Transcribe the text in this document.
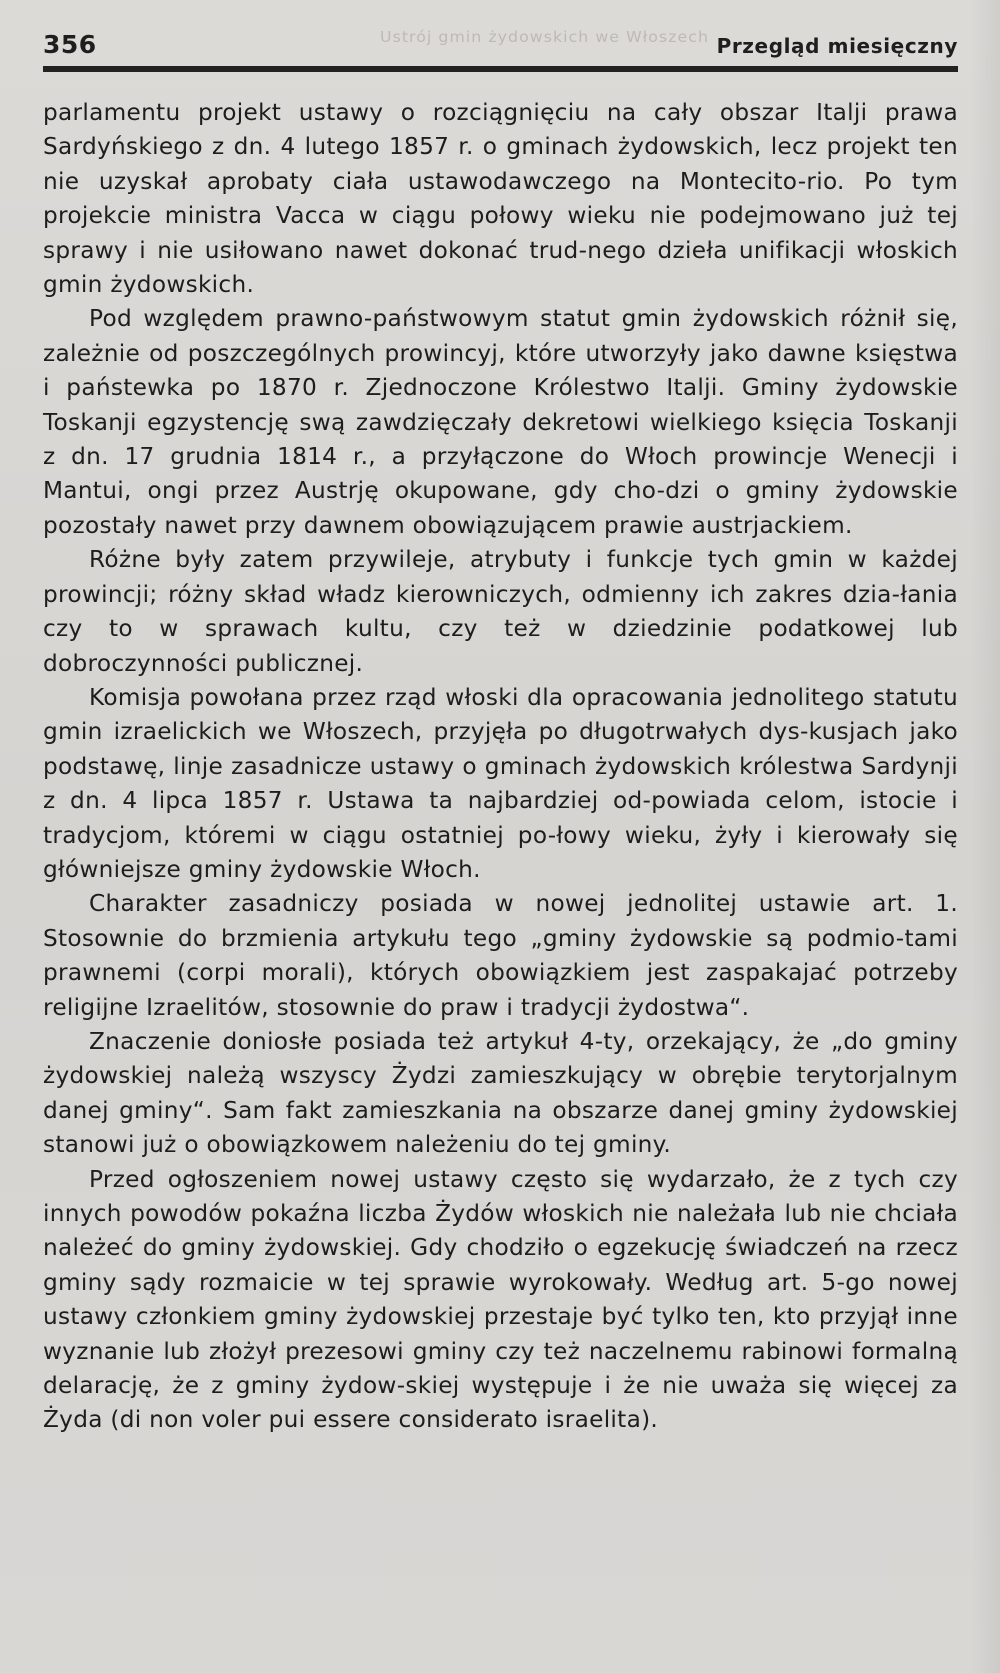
Ustrój gmin żydowskich we Włoszech
356	Przegląd miesięczny

parlamentu projekt ustawy o rozciągnięciu na cały obszar Italji prawa Sardyńskiego z dn. 4 lutego 1857 r. o gminach żydowskich, lecz projekt ten nie uzyskał aprobaty ciała ustawodawczego na Montecito-rio. Po tym projekcie ministra Vacca w ciągu połowy wieku nie podejmowano już tej sprawy i nie usiłowano nawet dokonać trud-nego dzieła unifikacji włoskich gmin żydowskich.

Pod względem prawno-państwowym statut gmin żydowskich różnił się, zależnie od poszczególnych prowincyj, które utworzyły jako dawne księstwa i państewka po 1870 r. Zjednoczone Królestwo Italji. Gminy żydowskie Toskanji egzystencję swą zawdzięczały dekretowi wielkiego księcia Toskanji z dn. 17 grudnia 1814 r., a przyłączone do Włoch prowincje Wenecji i Mantui, ongi przez Austrję okupowane, gdy cho-dzi o gminy żydowskie pozostały nawet przy dawnem obowiązującem prawie austrjackiem.

Różne były zatem przywileje, atrybuty i funkcje tych gmin w każdej prowincji; różny skład władz kierowniczych, odmienny ich zakres dzia-łania czy to w sprawach kultu, czy też w dziedzinie podatkowej lub dobroczynności publicznej.

Komisja powołana przez rząd włoski dla opracowania jednolitego statutu gmin izraelickich we Włoszech, przyjęła po długotrwałych dys-kusjach jako podstawę, linje zasadnicze ustawy o gminach żydowskich królestwa Sardynji z dn. 4 lipca 1857 r. Ustawa ta najbardziej od-powiada celom, istocie i tradycjom, któremi w ciągu ostatniej po-łowy wieku, żyły i kierowały się główniejsze gminy żydowskie Włoch.

Charakter zasadniczy posiada w nowej jednolitej ustawie art. 1. Stosownie do brzmienia artykułu tego „gminy żydowskie są podmio-tami prawnemi (corpi morali), których obowiązkiem jest zaspakajać potrzeby religijne Izraelitów, stosownie do praw i tradycji żydostwa“.

Znaczenie doniosłe posiada też artykuł 4-ty, orzekający, że „do gminy żydowskiej należą wszyscy Żydzi zamieszkujący w obrębie terytorjalnym danej gminy“. Sam fakt zamieszkania na obszarze danej gminy żydowskiej stanowi już o obowiązkowem należeniu do tej gminy.

Przed ogłoszeniem nowej ustawy często się wydarzało, że z tych czy innych powodów pokaźna liczba Żydów włoskich nie należała lub nie chciała należeć do gminy żydowskiej. Gdy chodziło o egzekucję świadczeń na rzecz gminy sądy rozmaicie w tej sprawie wyrokowały. Według art. 5-go nowej ustawy członkiem gminy żydowskiej przestaje być tylko ten, kto przyjął inne wyznanie lub złożył prezesowi gminy czy też naczelnemu rabinowi formalną delarację, że z gminy żydow-skiej występuje i że nie uważa się więcej za Żyda (di non voler pui essere considerato israelita).
